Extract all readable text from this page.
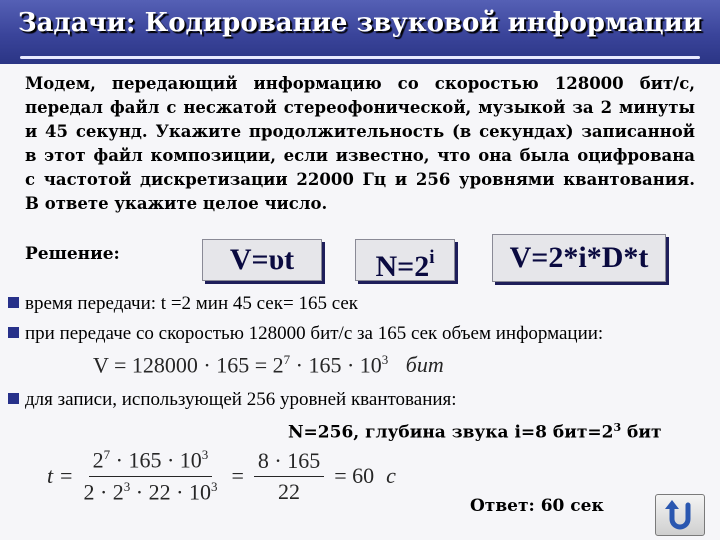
Задачи: Кодирование звуковой информации
Модем, передающий информацию со скоростью 128000 бит/с,
передал файл с несжатой стереофонической, музыкой за 2 минуты
и 45 секунд. Укажите продолжительность (в секундах) записанной
в этот файл композиции, если известно, что она была оцифрована
с частотой дискретизации 22000 Гц и 256 уровнями квантования.
В ответе укажите целое число.
Решение:	V=υt	$N=2^i$	V=2*i*D*t
время передачи: t =2 мин 45 сек= 165 сек
при передаче со скоростью 128000 бит/с за 165 сек объем информации:
$V = 128000 \cdot 165 = 2^7 \cdot 165 \cdot 10^3$ бит
для записи, использующей 256 уровней квантования:
N=256, глубина звука i=8 $бит=2^3$ бит
$t = \frac{2^7 \cdot 165 \cdot 10^3}{2 \cdot 2^3 \cdot 22 \cdot 10^3} = \frac{8 \cdot 165}{22} = 60$ с
Ответ: 60 сек
